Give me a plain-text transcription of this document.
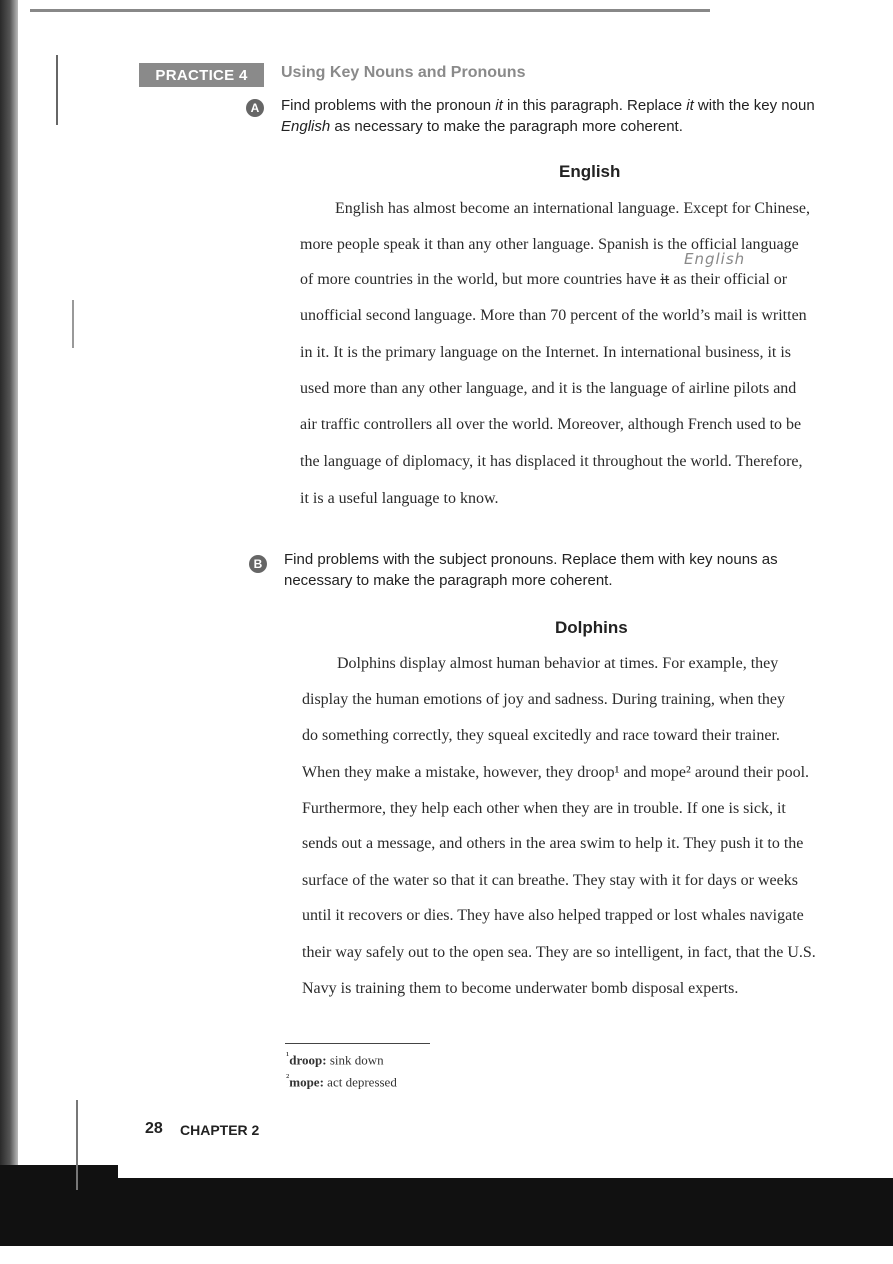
PRACTICE 4	Using Key Nouns and Pronouns
A	Find problems with the pronoun it in this paragraph. Replace it with the key noun English as necessary to make the paragraph more coherent.
English
English
English has almost become an international language. Except for Chinese,
more people speak it than any other language. Spanish is the official language
of more countries in the world, but more countries have it as their official or
unofficial second language. More than 70 percent of the world’s mail is written
in it. It is the primary language on the Internet. In international business, it is
used more than any other language, and it is the language of airline pilots and
air traffic controllers all over the world. Moreover, although French used to be
the language of diplomacy, it has displaced it throughout the world. Therefore,
it is a useful language to know.
B	Find problems with the subject pronouns. Replace them with key nouns as necessary to make the paragraph more coherent.
Dolphins
Dolphins display almost human behavior at times. For example, they
display the human emotions of joy and sadness. During training, when they
do something correctly, they squeal excitedly and race toward their trainer.
When they make a mistake, however, they droop¹ and mope² around their pool.
Furthermore, they help each other when they are in trouble. If one is sick, it
sends out a message, and others in the area swim to help it. They push it to the
surface of the water so that it can breathe. They stay with it for days or weeks
until it recovers or dies. They have also helped trapped or lost whales navigate
their way safely out to the open sea. They are so intelligent, in fact, that the U.S.
Navy is training them to become underwater bomb disposal experts.
$^{^1}$droop: sink down
$^{^2}$mope: act depressed
28 CHAPTER 2
